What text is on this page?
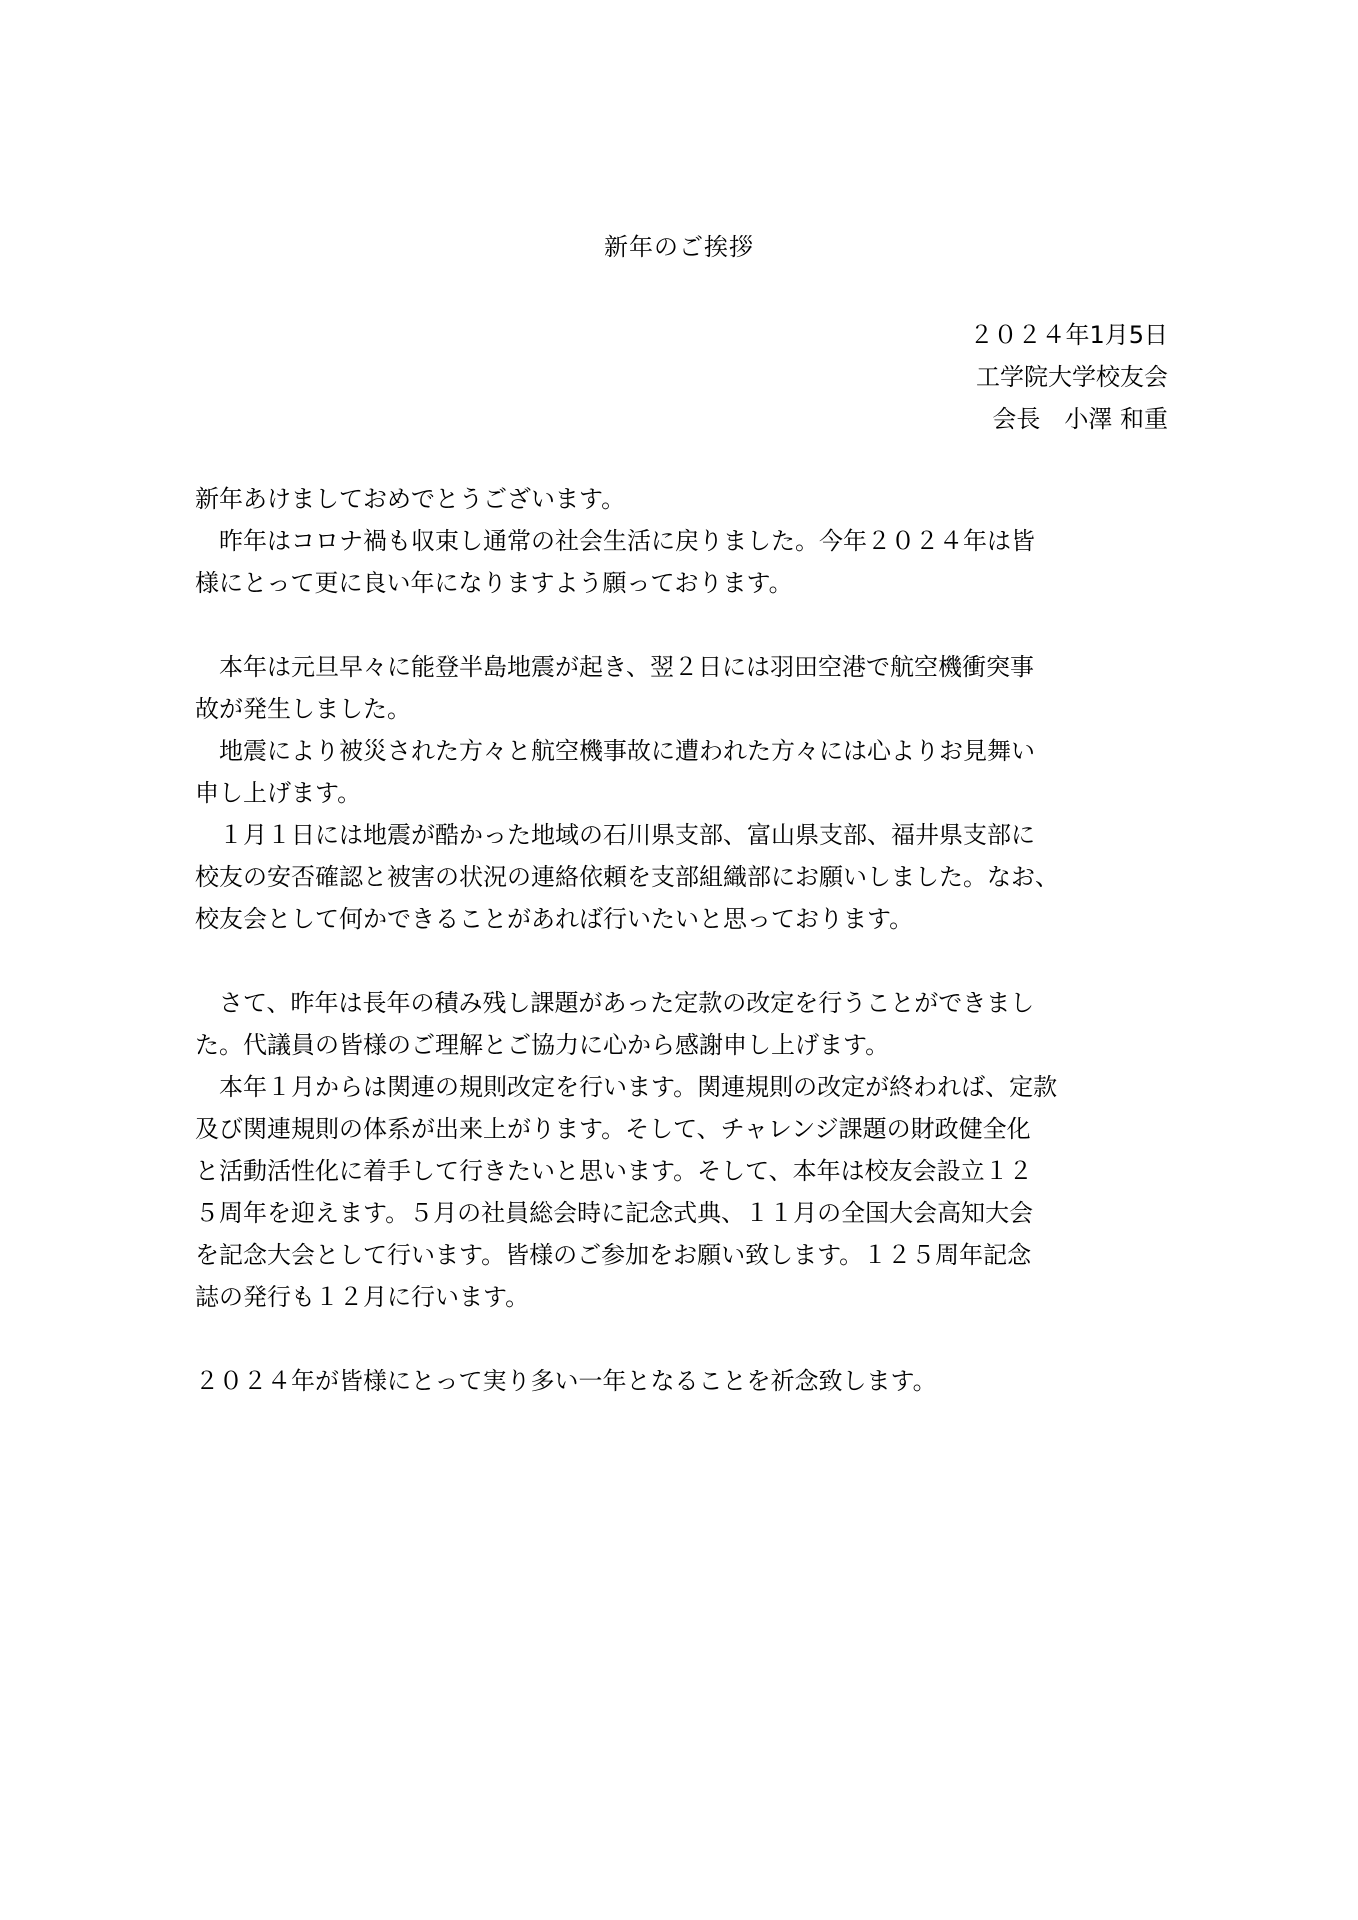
新年のご挨拶
２０２４年1月5日
工学院大学校友会
会長　小澤 和重
新年あけましておめでとうございます。
　昨年はコロナ禍も収束し通常の社会生活に戻りました。今年２０２４年は皆
様にとって更に良い年になりますよう願っております。
　本年は元旦早々に能登半島地震が起き、翌２日には羽田空港で航空機衝突事
故が発生しました。
　地震により被災された方々と航空機事故に遭われた方々には心よりお見舞い
申し上げます。
　１月１日には地震が酷かった地域の石川県支部、富山県支部、福井県支部に
校友の安否確認と被害の状況の連絡依頼を支部組織部にお願いしました。なお、
校友会として何かできることがあれば行いたいと思っております。
　さて、昨年は長年の積み残し課題があった定款の改定を行うことができまし
た。代議員の皆様のご理解とご協力に心から感謝申し上げます。
　本年１月からは関連の規則改定を行います。関連規則の改定が終われば、定款
及び関連規則の体系が出来上がります。そして、チャレンジ課題の財政健全化
と活動活性化に着手して行きたいと思います。そして、本年は校友会設立１２
５周年を迎えます。５月の社員総会時に記念式典、１１月の全国大会高知大会
を記念大会として行います。皆様のご参加をお願い致します。１２５周年記念
誌の発行も１２月に行います。
２０２４年が皆様にとって実り多い一年となることを祈念致します。
